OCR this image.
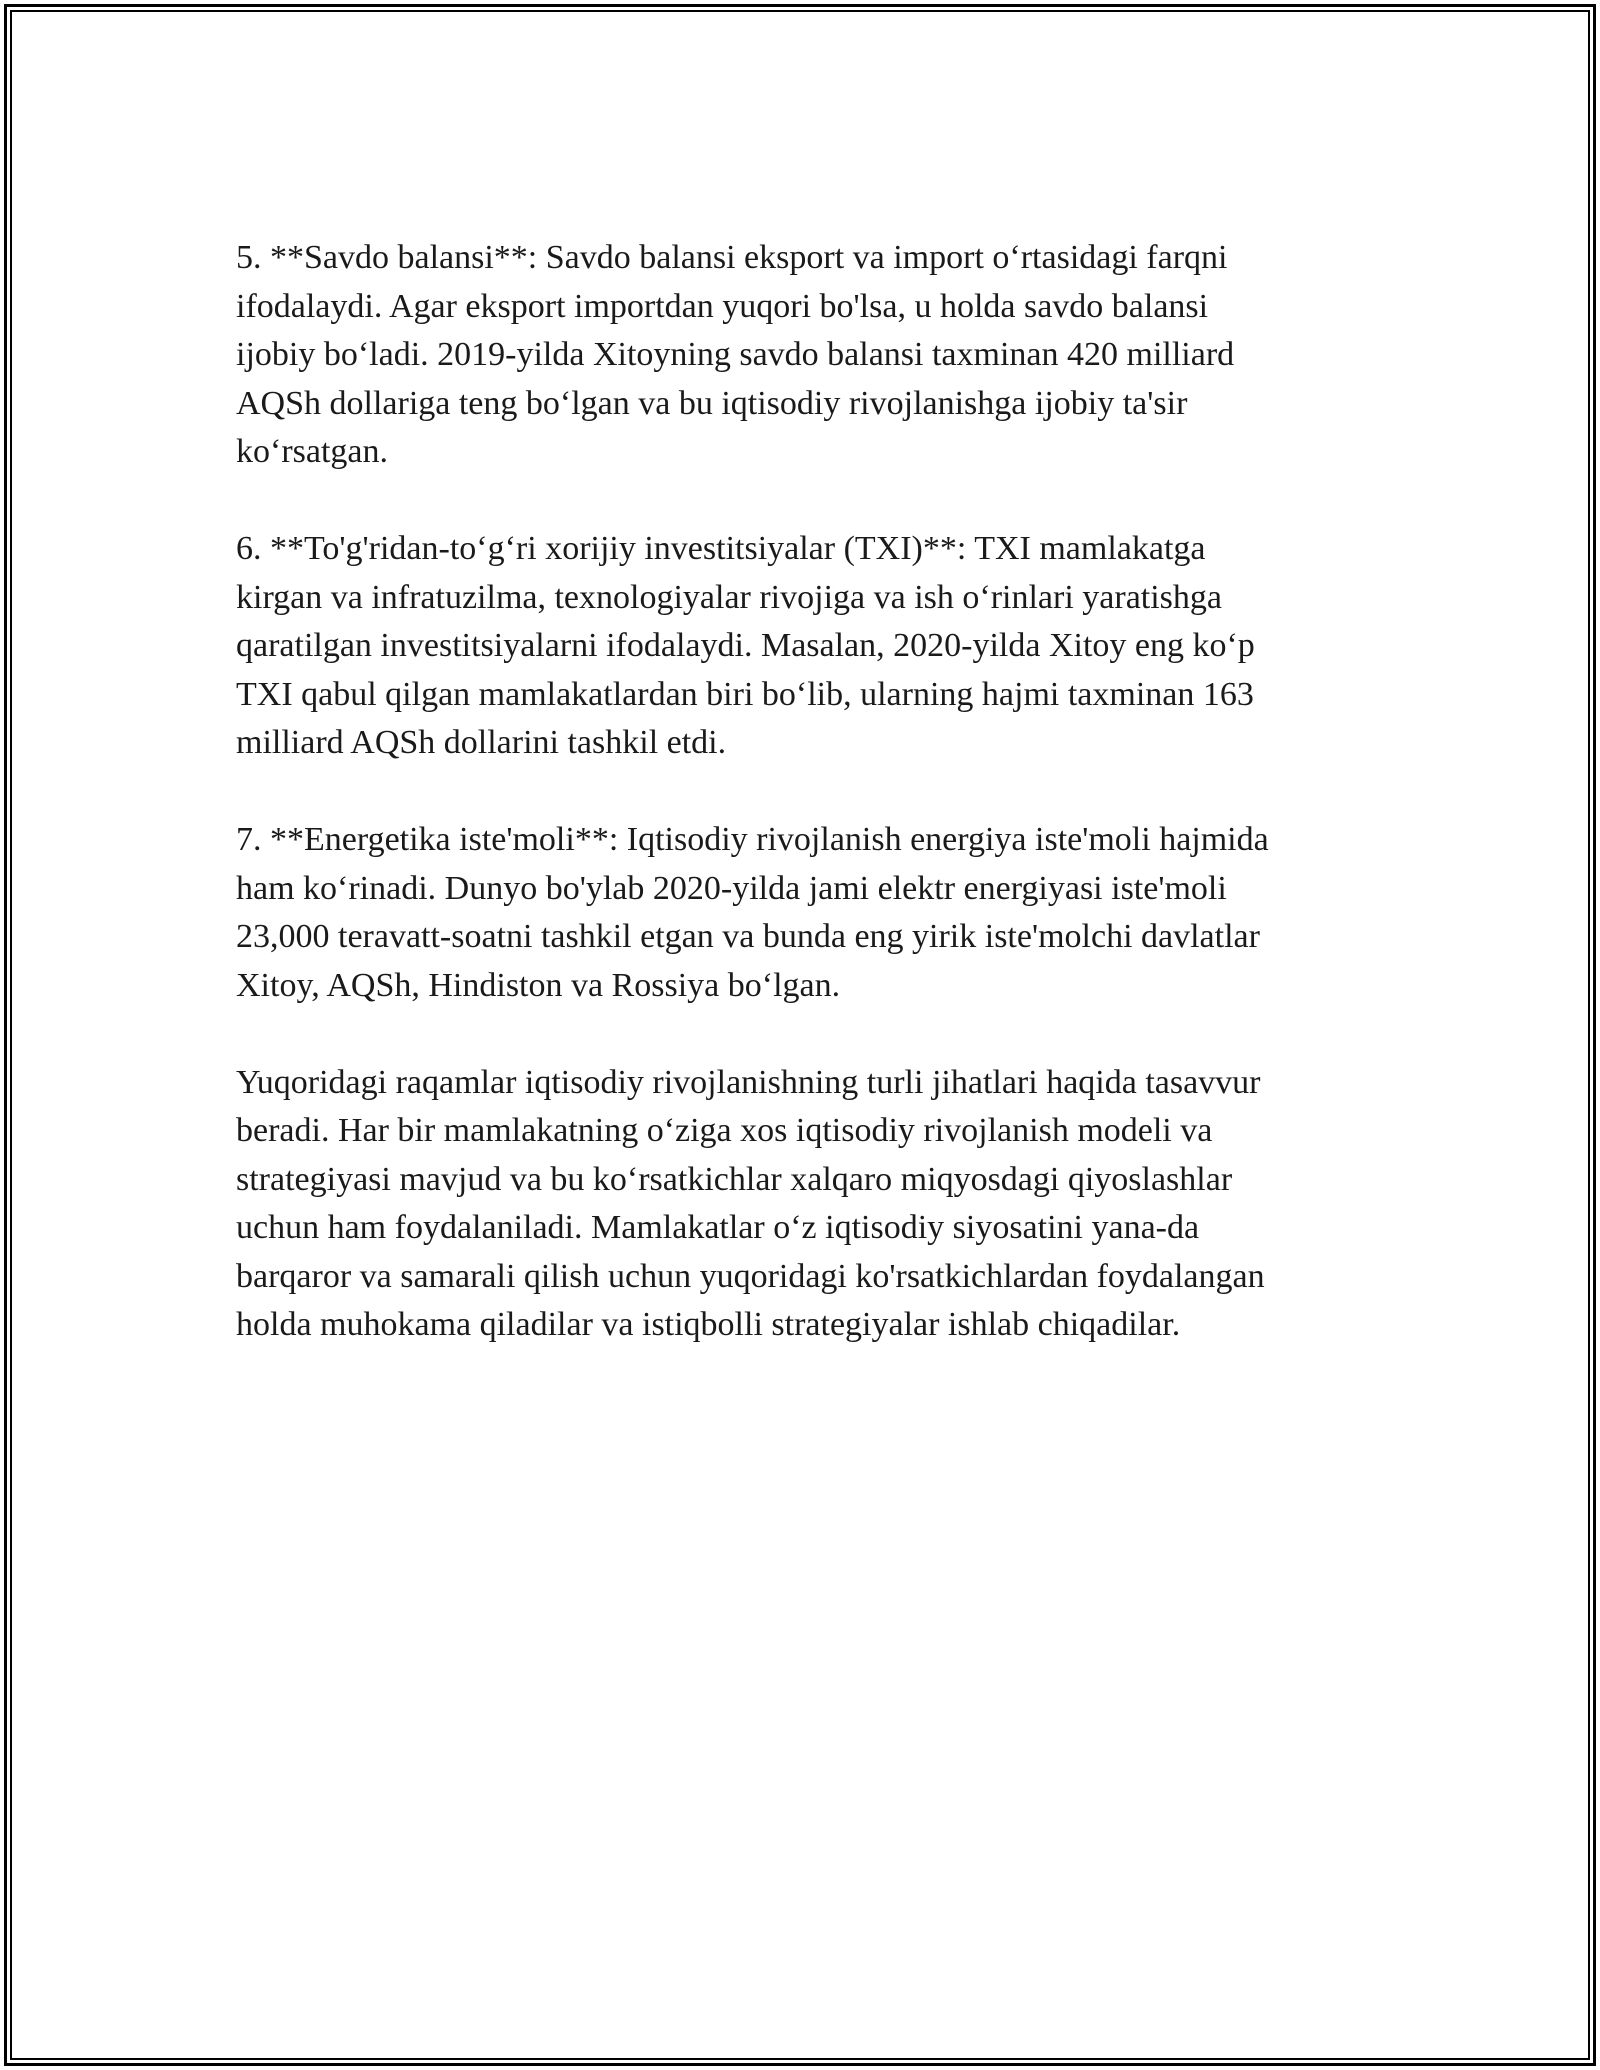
5. **Savdo balansi**: Savdo balansi eksport va import o‘rtasidagi farqni
ifodalaydi. Agar eksport importdan yuqori bo'lsa, u holda savdo balansi
ijobiy bo‘ladi. 2019-yilda Xitoyning savdo balansi taxminan 420 milliard
AQSh dollariga teng bo‘lgan va bu iqtisodiy rivojlanishga ijobiy ta'sir
ko‘rsatgan.

6. **To'g'ridan-to‘g‘ri xorijiy investitsiyalar (TXI)**: TXI mamlakatga
kirgan va infratuzilma, texnologiyalar rivojiga va ish o‘rinlari yaratishga
qaratilgan investitsiyalarni ifodalaydi. Masalan, 2020-yilda Xitoy eng ko‘p
TXI qabul qilgan mamlakatlardan biri bo‘lib, ularning hajmi taxminan 163
milliard AQSh dollarini tashkil etdi.

7. **Energetika iste'moli**: Iqtisodiy rivojlanish energiya iste'moli hajmida
ham ko‘rinadi. Dunyo bo'ylab 2020-yilda jami elektr energiyasi iste'moli
23,000 teravatt-soatni tashkil etgan va bunda eng yirik iste'molchi davlatlar
Xitoy, AQSh, Hindiston va Rossiya bo‘lgan.

Yuqoridagi raqamlar iqtisodiy rivojlanishning turli jihatlari haqida tasavvur
beradi. Har bir mamlakatning o‘ziga xos iqtisodiy rivojlanish modeli va
strategiyasi mavjud va bu ko‘rsatkichlar xalqaro miqyosdagi qiyoslashlar
uchun ham foydalaniladi. Mamlakatlar o‘z iqtisodiy siyosatini yana-da
barqaror va samarali qilish uchun yuqoridagi ko'rsatkichlardan foydalangan
holda muhokama qiladilar va istiqbolli strategiyalar ishlab chiqadilar.
